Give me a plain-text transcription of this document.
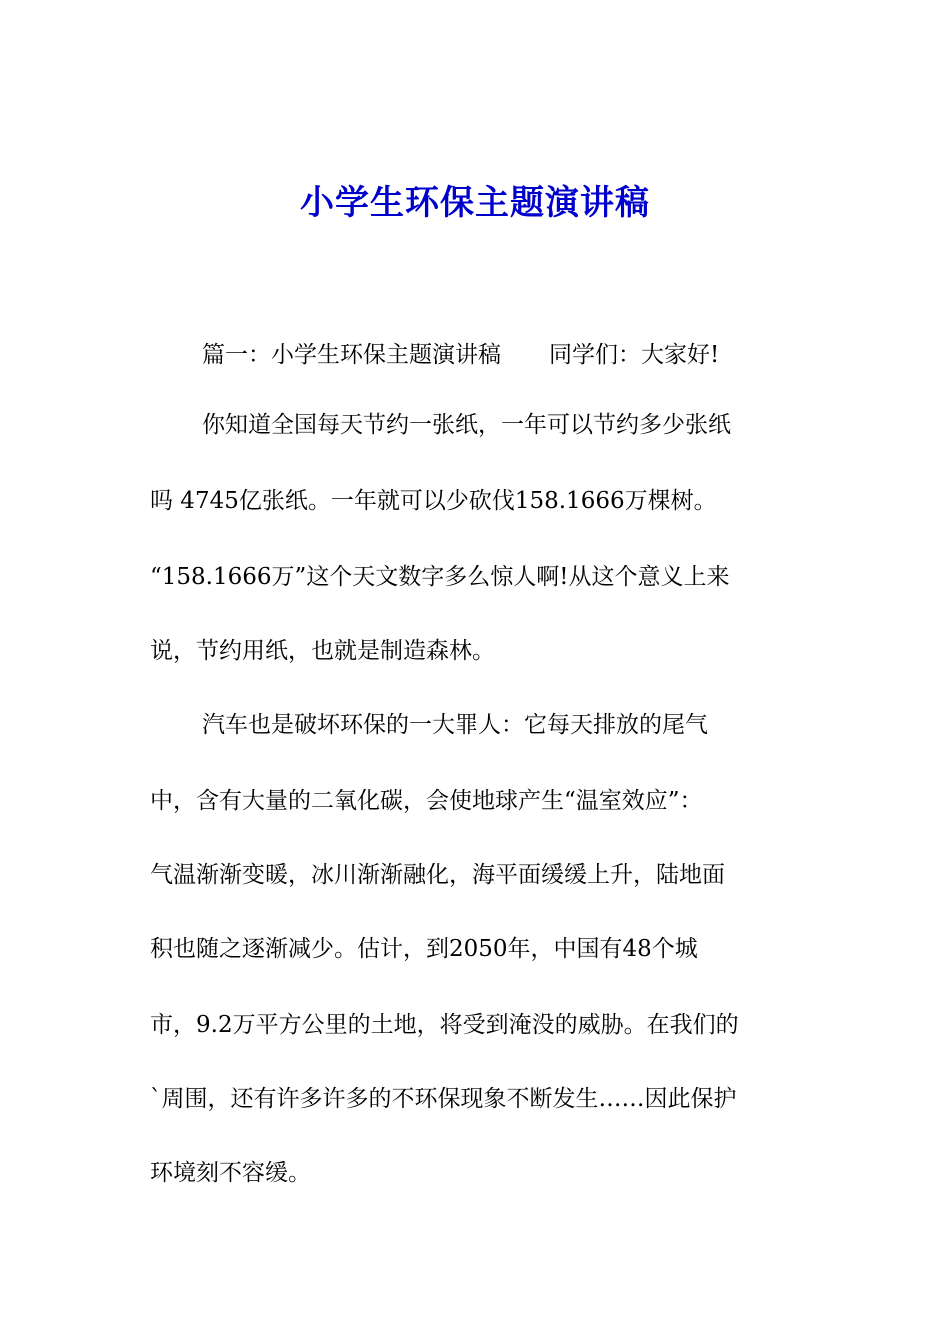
小学生环保主题演讲稿

篇一：小学生环保主题演讲稿 同学们：大家好!

你知道全国每天节约一张纸，一年可以节约多少张纸

吗 4745亿张纸。一年就可以少砍伐158.1666万棵树。

“158.1666万”这个天文数字多么惊人啊!从这个意义上来

说，节约用纸，也就是制造森林。

汽车也是破坏环保的一大罪人：它每天排放的尾气

中，含有大量的二氧化碳，会使地球产生“温室效应”：

气温渐渐变暖，冰川渐渐融化，海平面缓缓上升，陆地面

积也随之逐渐减少。估计，到2050年，中国有48个城

市，9.2万平方公里的土地，将受到淹没的威胁。在我们的

`周围，还有许多许多的不环保现象不断发生……因此保护

环境刻不容缓。
